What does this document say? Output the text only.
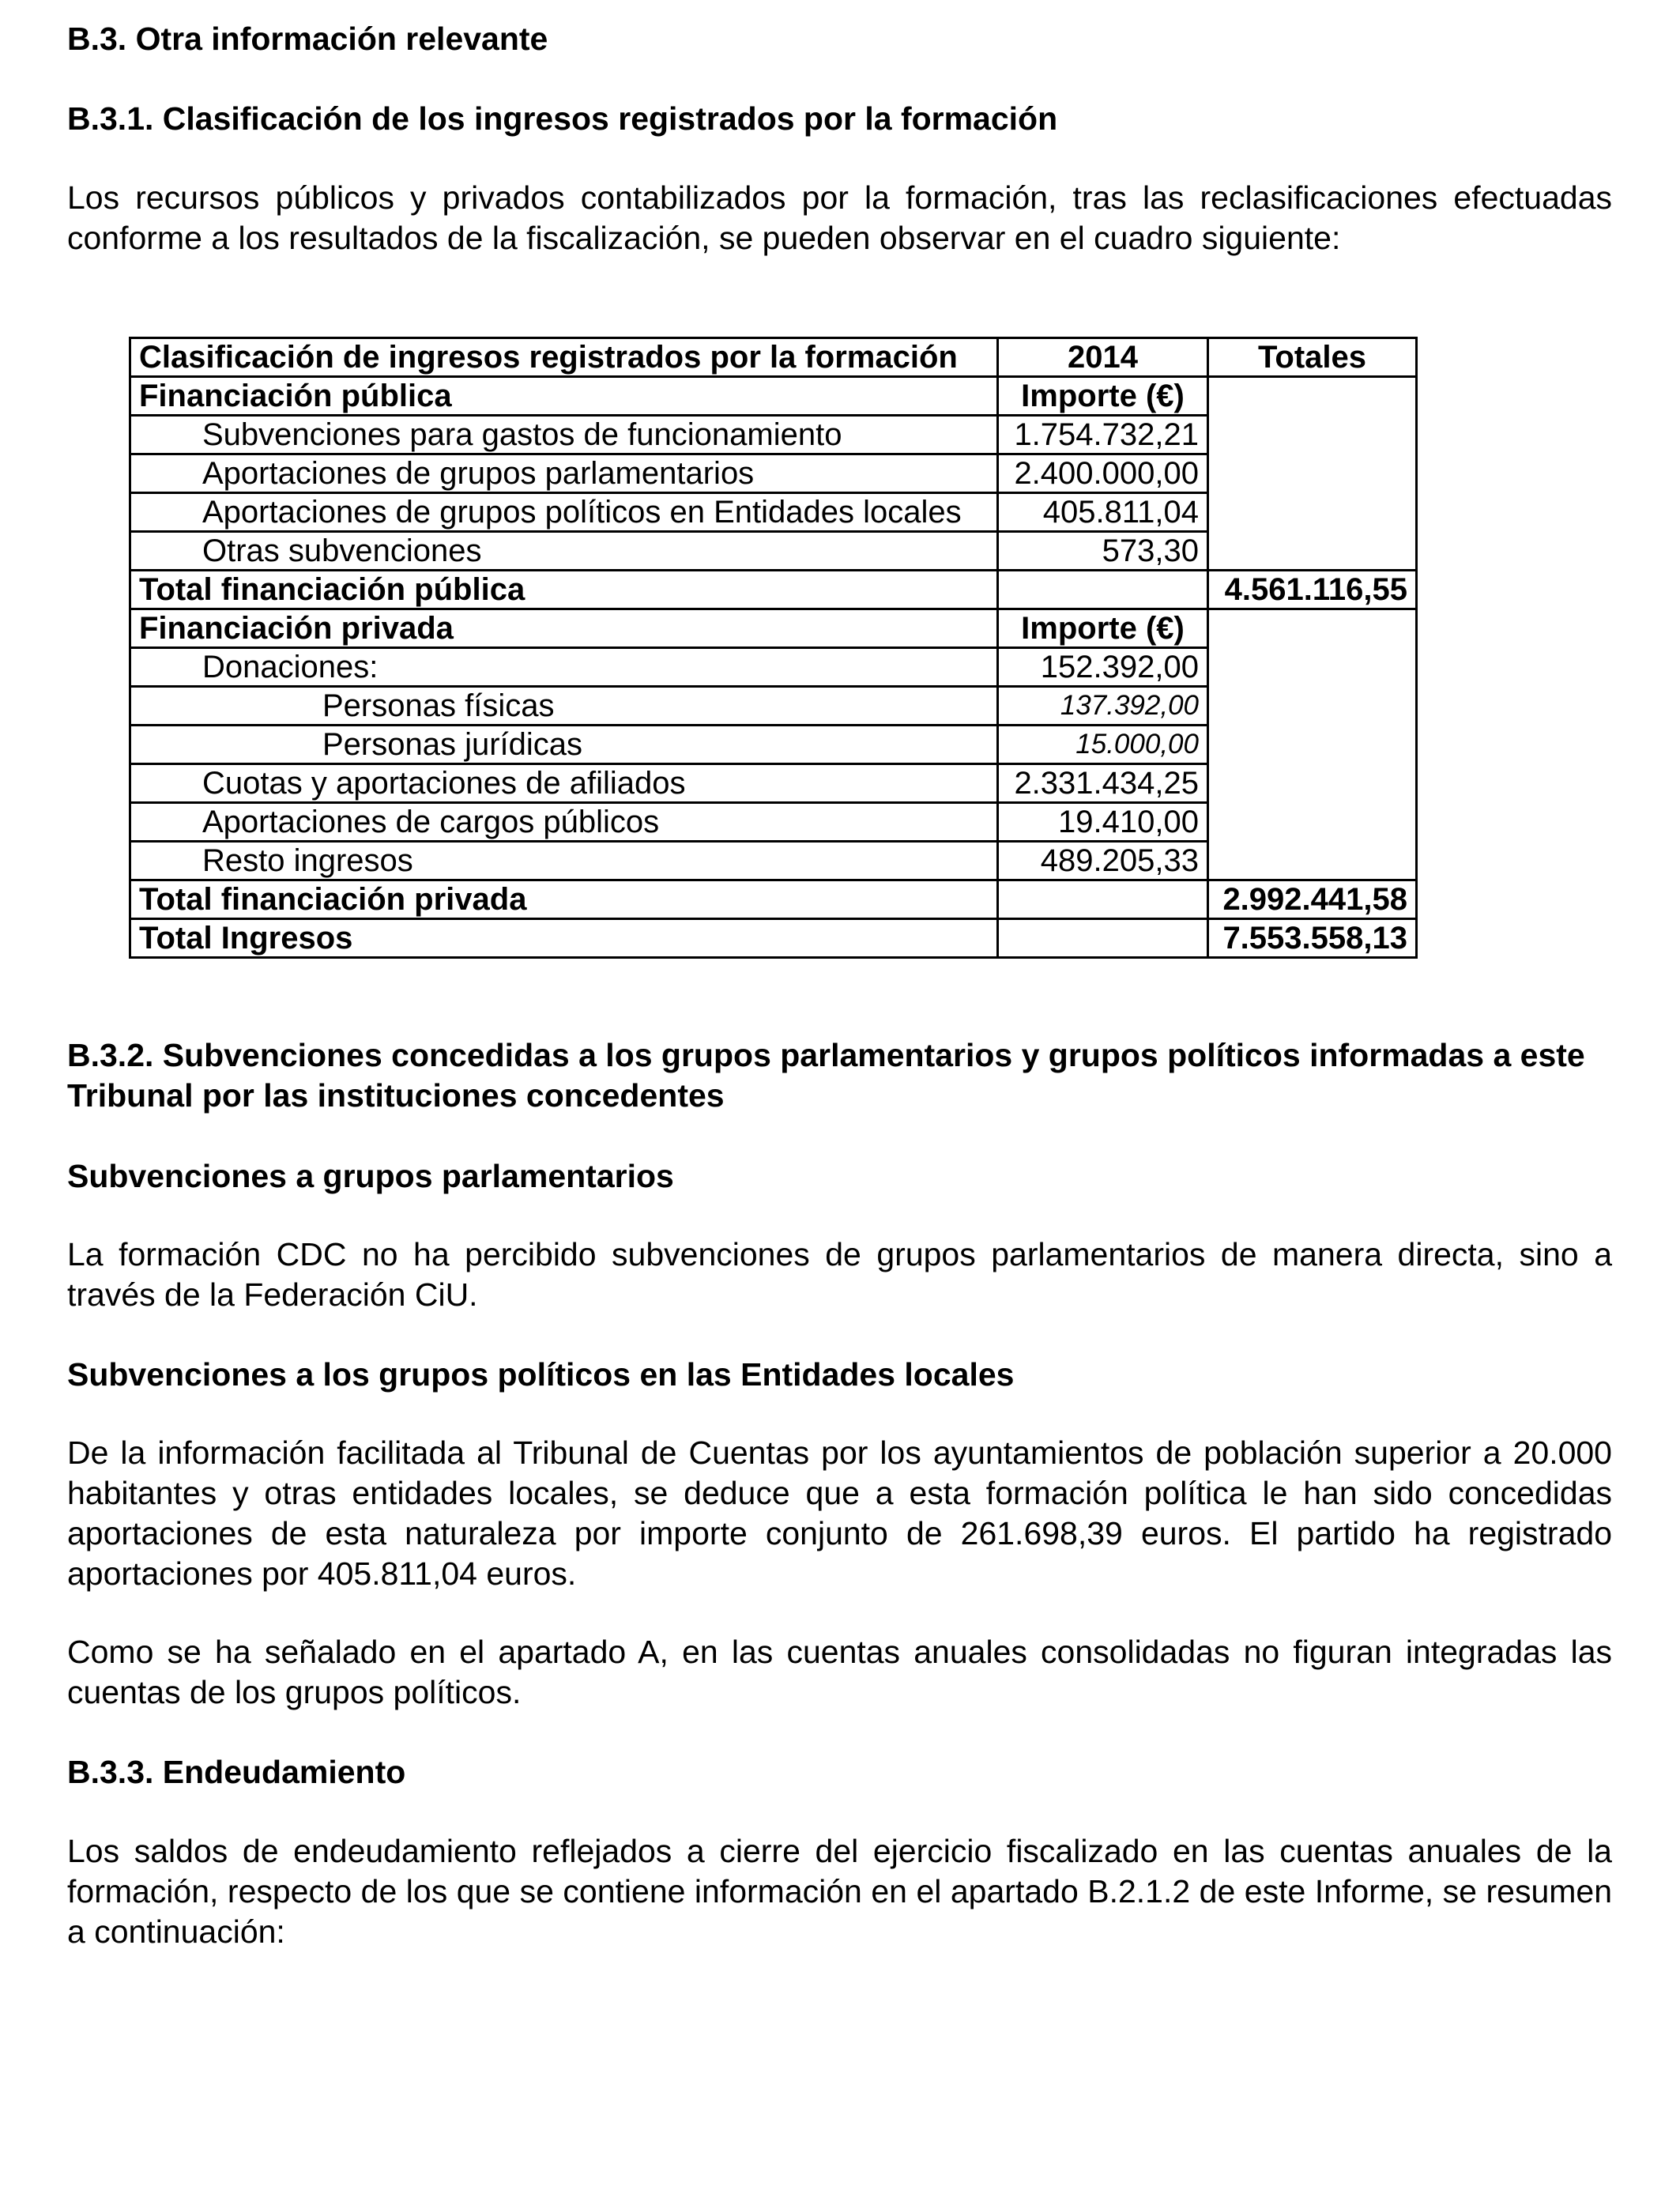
B.3. Otra información relevante
B.3.1. Clasificación de los ingresos registrados por la formación

Los recursos públicos y privados contabilizados por la formación, tras las reclasificaciones efectuadas conforme a los resultados de la fiscalización, se pueden observar en el cuadro siguiente:

B.3.2. Subvenciones concedidas a los grupos parlamentarios y grupos políticos informadas a este Tribunal por las instituciones concedentes
Subvenciones a grupos parlamentarios

La formación CDC no ha percibido subvenciones de grupos parlamentarios de manera directa, sino a través de la Federación CiU.

Subvenciones a los grupos políticos en las Entidades locales

De la información facilitada al Tribunal de Cuentas por los ayuntamientos de población superior a 20.000 habitantes y otras entidades locales, se deduce que a esta formación política le han sido concedidas aportaciones de esta naturaleza por importe conjunto de 261.698,39 euros. El partido ha registrado aportaciones por 405.811,04 euros.

Como se ha señalado en el apartado A, en las cuentas anuales consolidadas no figuran integradas las cuentas de los grupos políticos.

B.3.3. Endeudamiento

Los saldos de endeudamiento reflejados a cierre del ejercicio fiscalizado en las cuentas anuales de la formación, respecto de los que se contiene información en el apartado B.2.1.2 de este Informe, se resumen a continuación:

Clasificación de ingresos registrados por la formación	2014	Totales
Financiación pública	Importe (€)	
Subvenciones para gastos de funcionamiento	1.754.732,21	
Aportaciones de grupos parlamentarios	2.400.000,00	
Aportaciones de grupos políticos en Entidades locales	405.811,04	
Otras subvenciones	573,30	
Total financiación pública		4.561.116,55
Financiación privada	Importe (€)	
Donaciones:	152.392,00	
Personas físicas	137.392,00	
Personas jurídicas	15.000,00	
Cuotas y aportaciones de afiliados	2.331.434,25	
Aportaciones de cargos públicos	19.410,00	
Resto ingresos	489.205,33	
Total financiación privada		2.992.441,58
Total Ingresos		7.553.558,13
